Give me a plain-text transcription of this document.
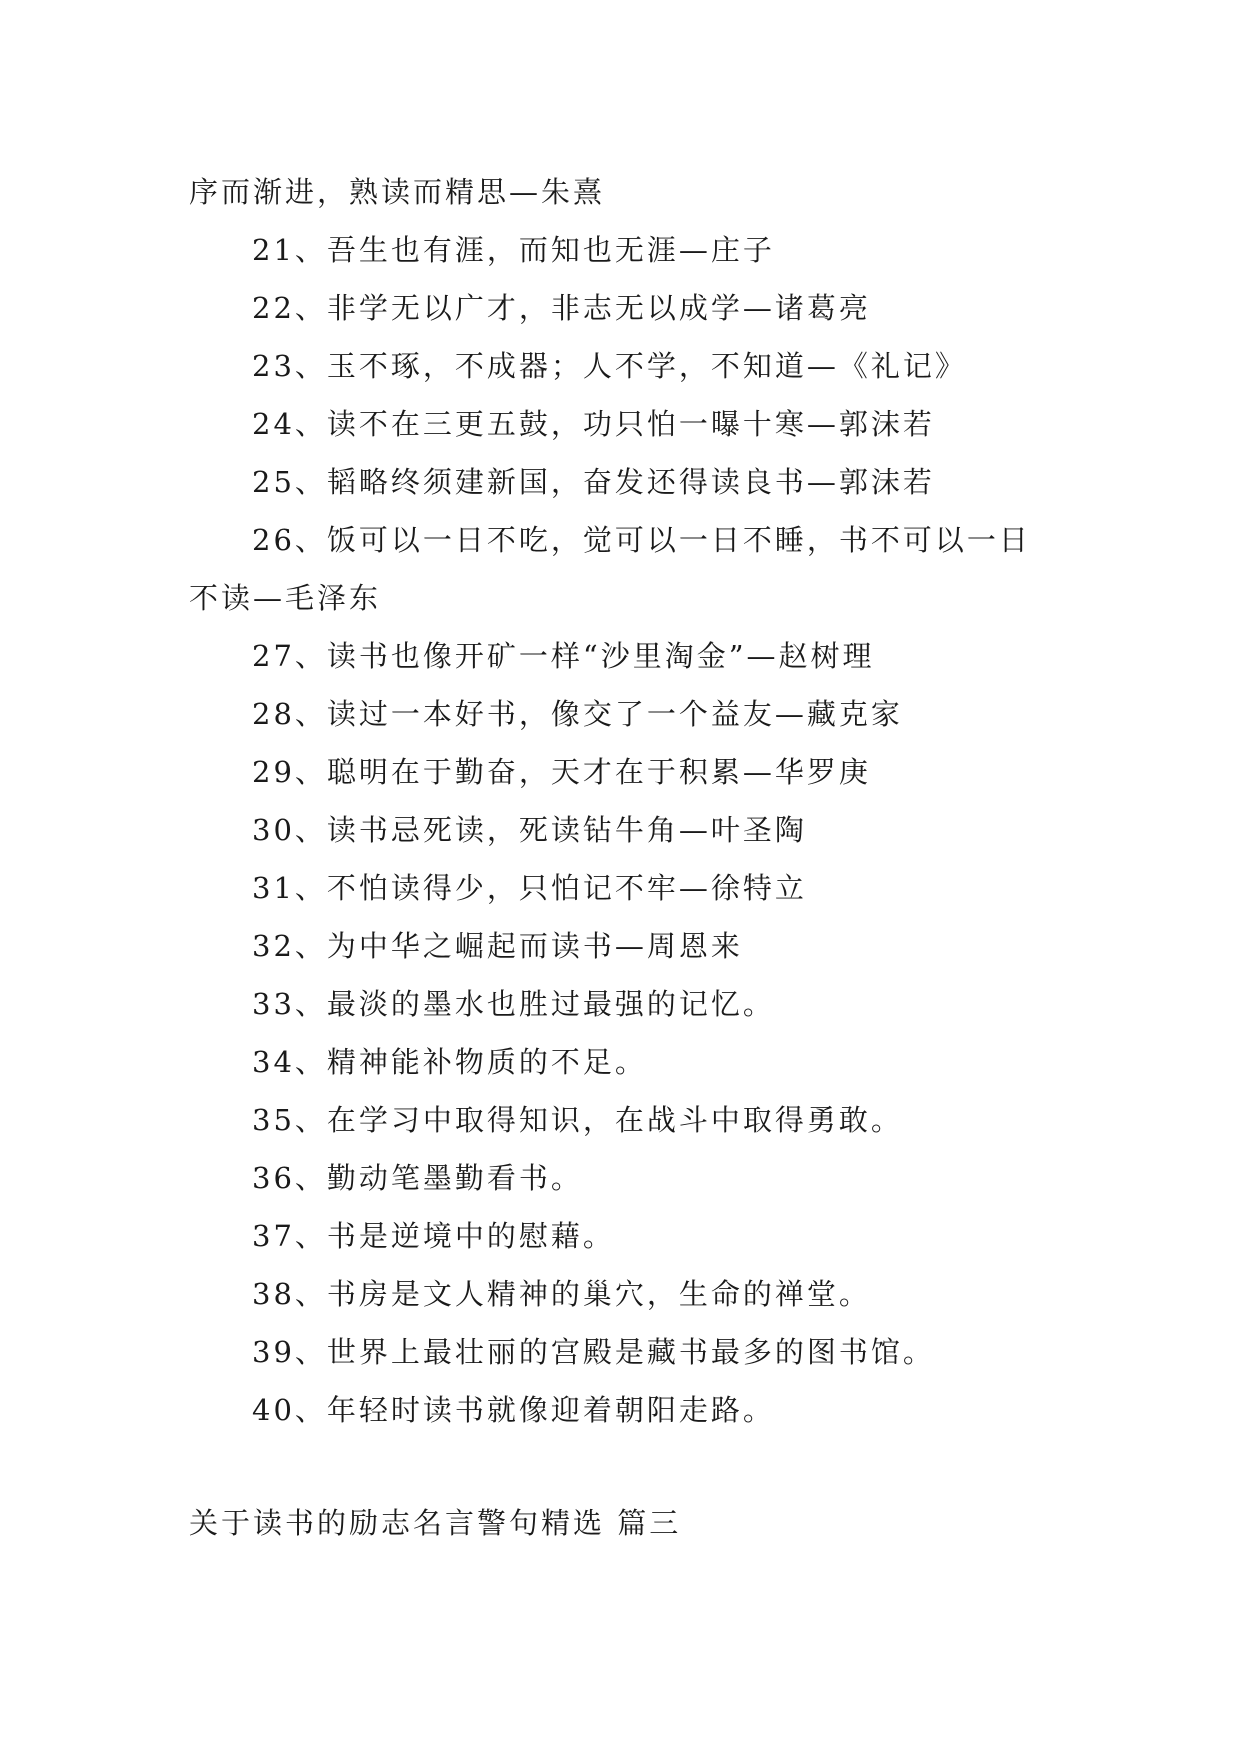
序而渐进，熟读而精思—朱熹

21、吾生也有涯，而知也无涯—庄子

22、非学无以广才，非志无以成学—诸葛亮

23、玉不琢，不成器；人不学，不知道—《礼记》

24、读不在三更五鼓，功只怕一曝十寒—郭沫若

25、韬略终须建新国，奋发还得读良书—郭沫若

26、饭可以一日不吃，觉可以一日不睡，书不可以一日

不读—毛泽东

27、读书也像开矿一样“沙里淘金”—赵树理

28、读过一本好书，像交了一个益友—藏克家

29、聪明在于勤奋，天才在于积累—华罗庚

30、读书忌死读，死读钻牛角—叶圣陶

31、不怕读得少，只怕记不牢—徐特立

32、为中华之崛起而读书—周恩来

33、最淡的墨水也胜过最强的记忆。

34、精神能补物质的不足。

35、在学习中取得知识，在战斗中取得勇敢。

36、勤动笔墨勤看书。

37、书是逆境中的慰藉。

38、书房是文人精神的巢穴，生命的禅堂。

39、世界上最壮丽的宫殿是藏书最多的图书馆。

40、年轻时读书就像迎着朝阳走路。

关于读书的励志名言警句精选 篇三
